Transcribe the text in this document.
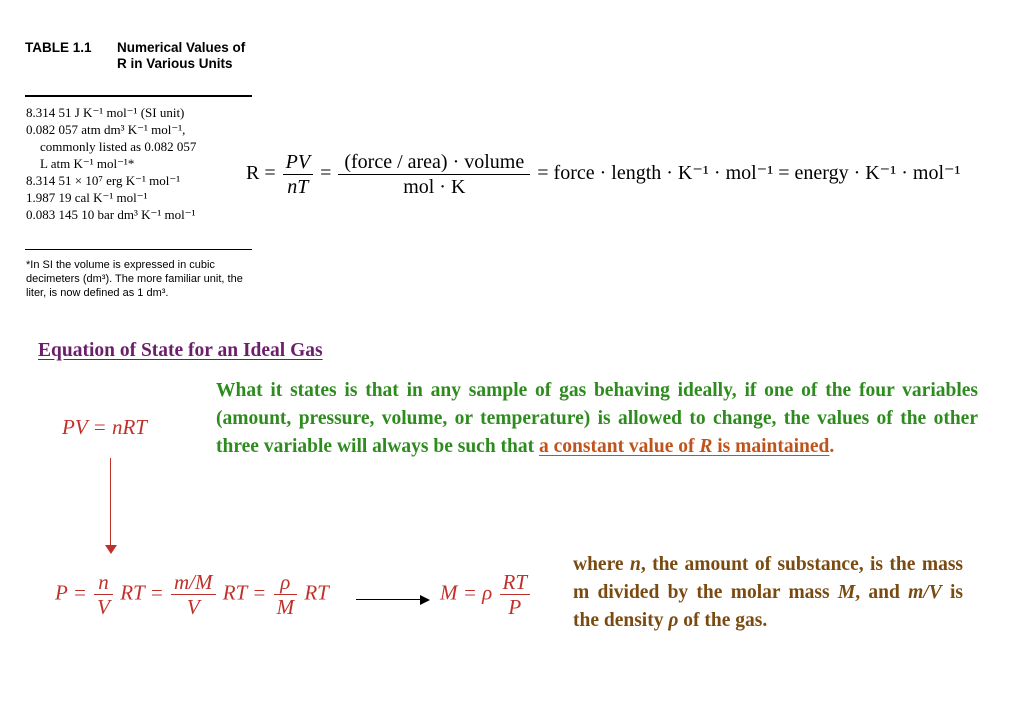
TABLE 1.1 Numerical Values of R in Various Units
8.314 51 J K⁻¹ mol⁻¹ (SI unit)
0.082 057 atm dm³ K⁻¹ mol⁻¹,
commonly listed as 0.082 057
L atm K⁻¹ mol⁻¹*
8.314 51 × 10⁷ erg K⁻¹ mol⁻¹
1.987 19 cal K⁻¹ mol⁻¹
0.083 145 10 bar dm³ K⁻¹ mol⁻¹
*In SI the volume is expressed in cubic decimeters (dm³). The more familiar unit, the liter, is now defined as 1 dm³.
$R = \frac{PV}{nT} = \frac{\text{(force / area) · volume}}{\text{mol · K}}$ = force · length · K⁻¹ · mol⁻¹ = energy · K⁻¹ · mol⁻¹
Equation of State for an Ideal Gas
What it states is that in any sample of gas behaving ideally, if one of the four variables (amount, pressure, volume, or temperature) is allowed to change, the values of the other three variable will always be such that a constant value of R is maintained.
PV = nRT
$P = \frac{n}{V}$ RT = $\frac{m/M}{V}$ RT = $\frac{\rho}{M}$ RT	M = ρ $\frac{RT}{P}$
where n, the amount of substance, is the mass m divided by the molar mass M, and m/V is the density ρ of the gas.
